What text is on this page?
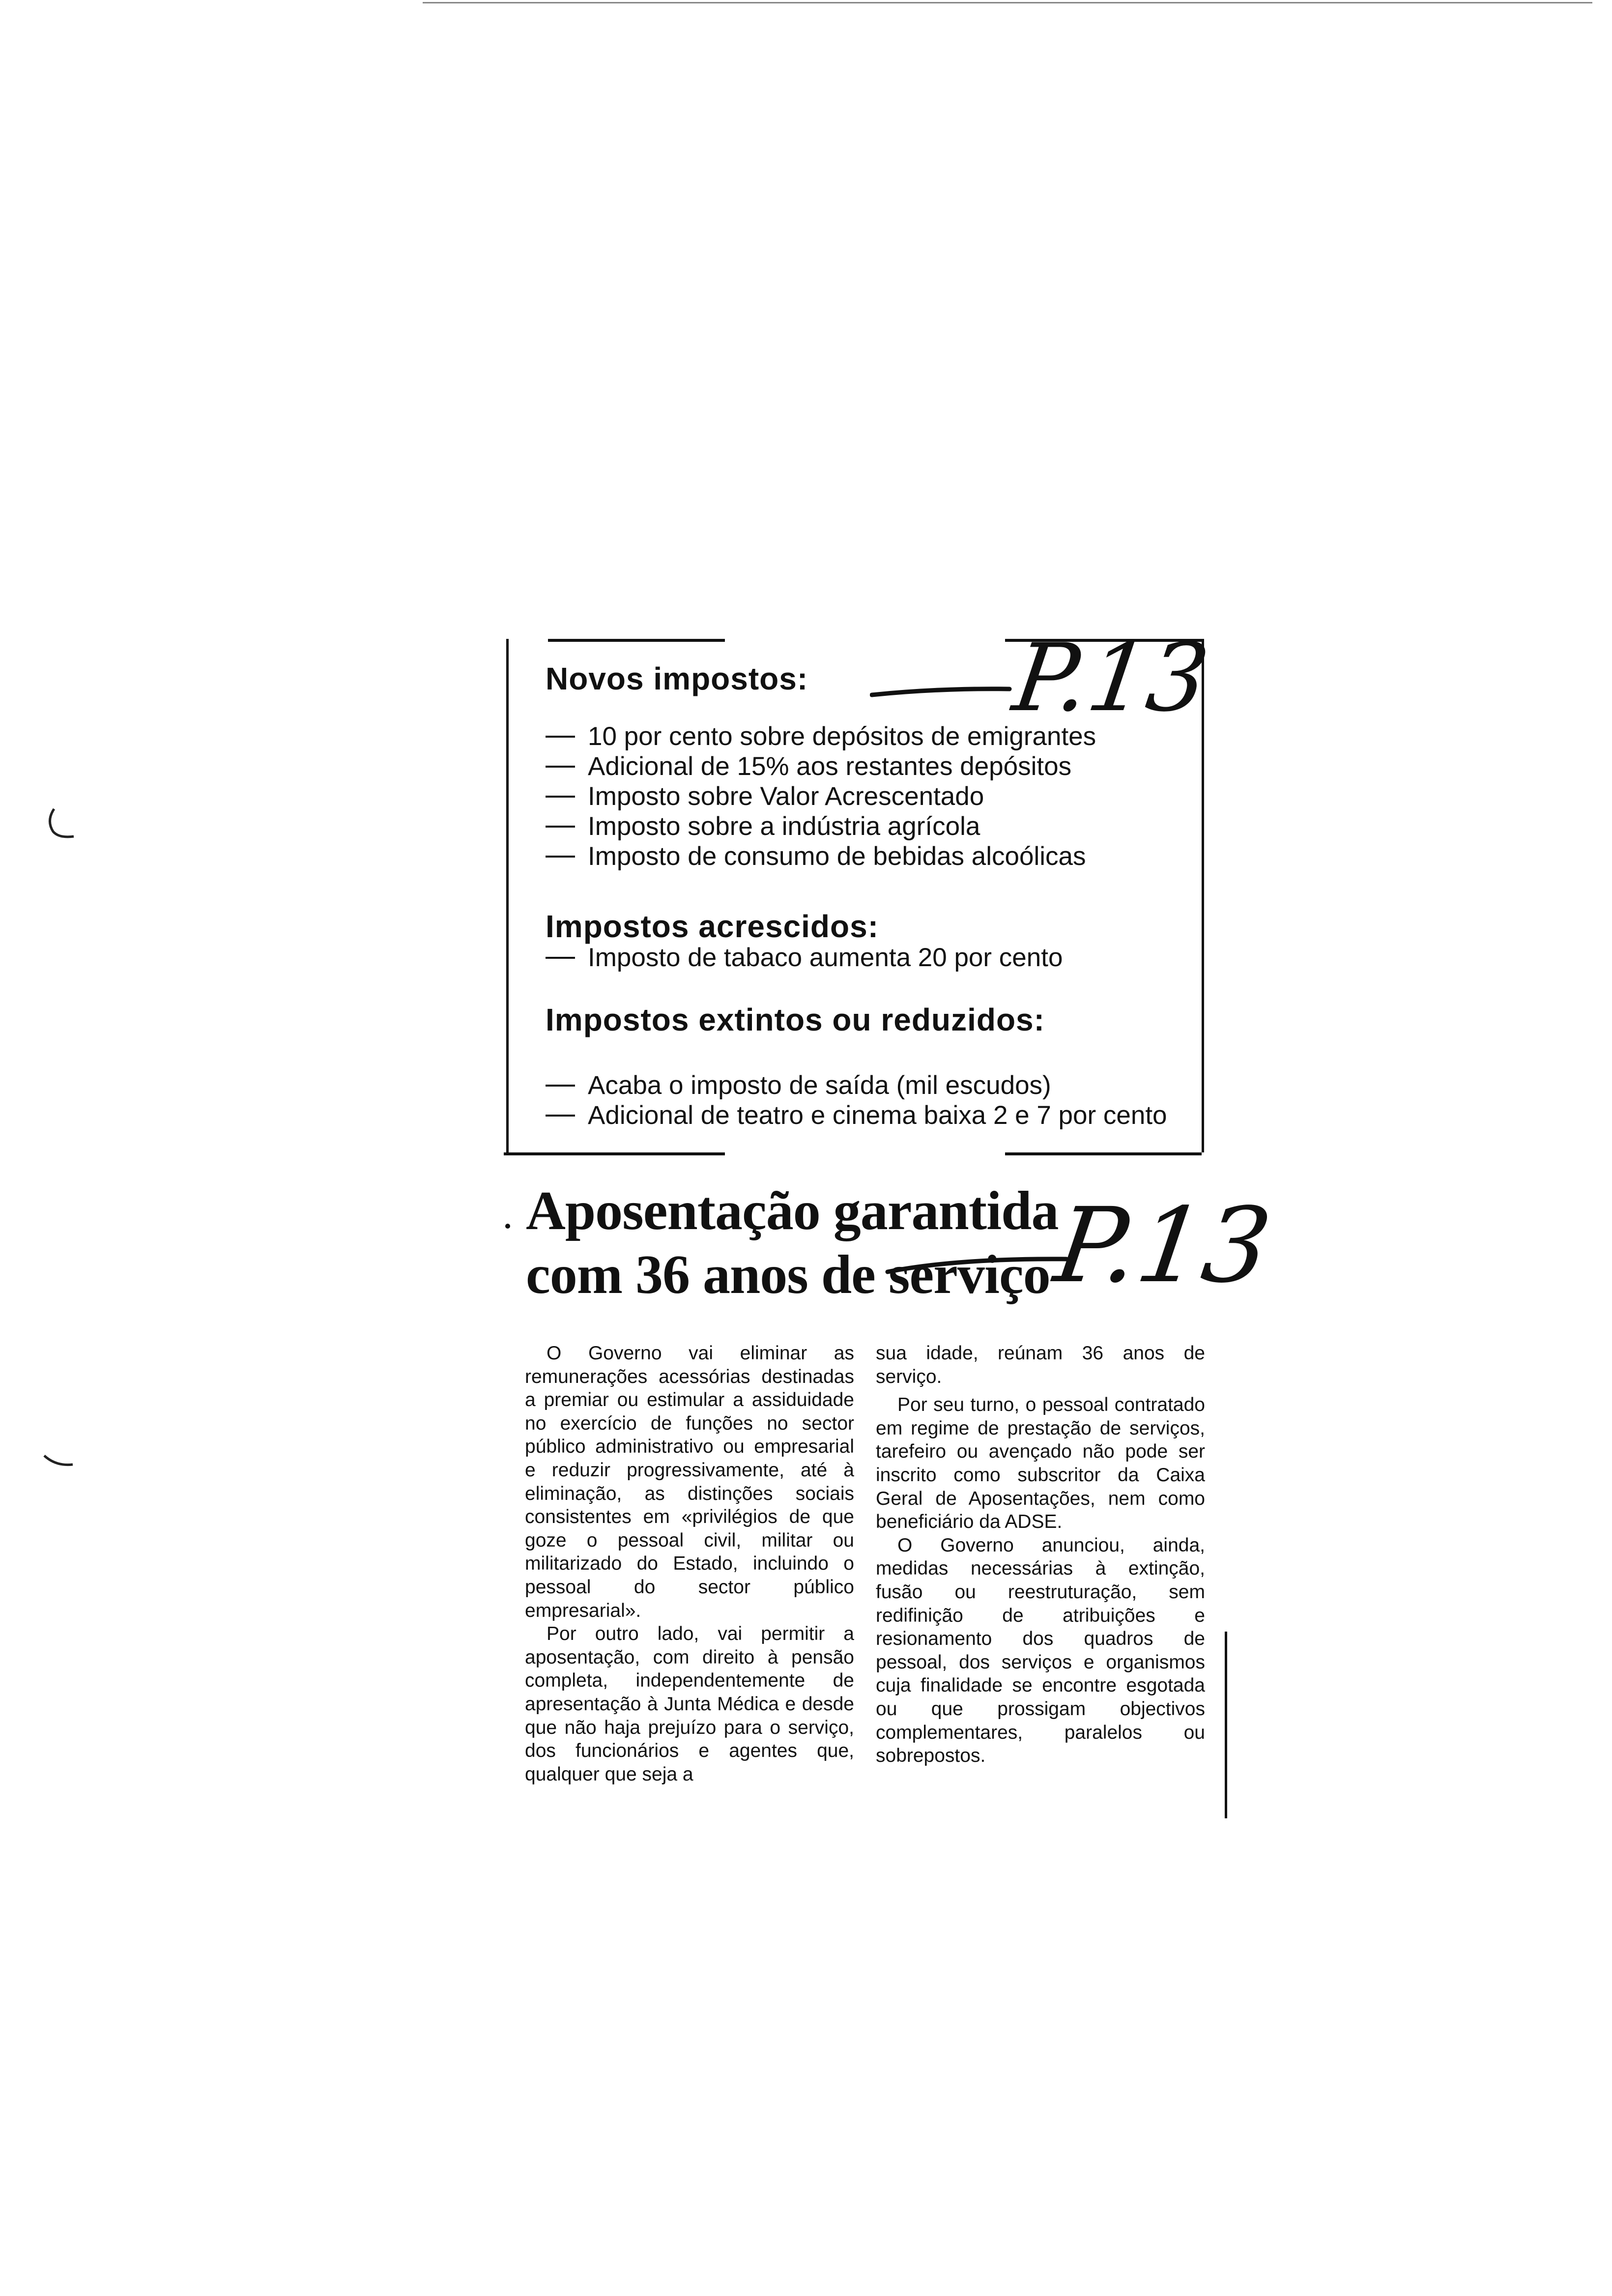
Novos impostos: P.13
10 por cento sobre depósitos de emigrantes
Adicional de 15% aos restantes depósitos
Imposto sobre Valor Acrescentado
Imposto sobre a indústria agrícola
Imposto de consumo de bebidas alcoólicas
Impostos acrescidos:
Imposto de tabaco aumenta 20 por cento
Impostos extintos ou reduzidos:
Acaba o imposto de saída (mil escudos)
Adicional de teatro e cinema baixa 2 e 7 por cento
Aposentação garantida
com 36 anos de serviço
P.13

O Governo vai eliminar as remunerações acessórias destinadas a premiar ou estimular a assiduidade no exercício de funções no sector público administrativo ou empresarial e reduzir progressivamente, até à eliminação, as distinções sociais consistentes em «privilégios de que goze o pessoal civil, militar ou militarizado do Estado, incluindo o pessoal do sector público empresarial».

Por outro lado, vai permitir a aposentação, com direito à pensão completa, independentemente de apresentação à Junta Médica e desde que não haja prejuízo para o serviço, dos funcionários e agentes que, qualquer que seja a

sua idade, reúnam 36 anos de serviço.

Por seu turno, o pessoal contratado em regime de prestação de serviços, tarefeiro ou avençado não pode ser inscrito como subscritor da Caixa Geral de Aposentações, nem como beneficiário da ADSE.

O Governo anunciou, ainda, medidas necessárias à extinção, fusão ou reestruturação, sem redifinição de atribuições e resionamento dos quadros de pessoal, dos serviços e organismos cuja finalidade se encontre esgotada ou que prossigam objectivos complementares, paralelos ou sobrepostos.
